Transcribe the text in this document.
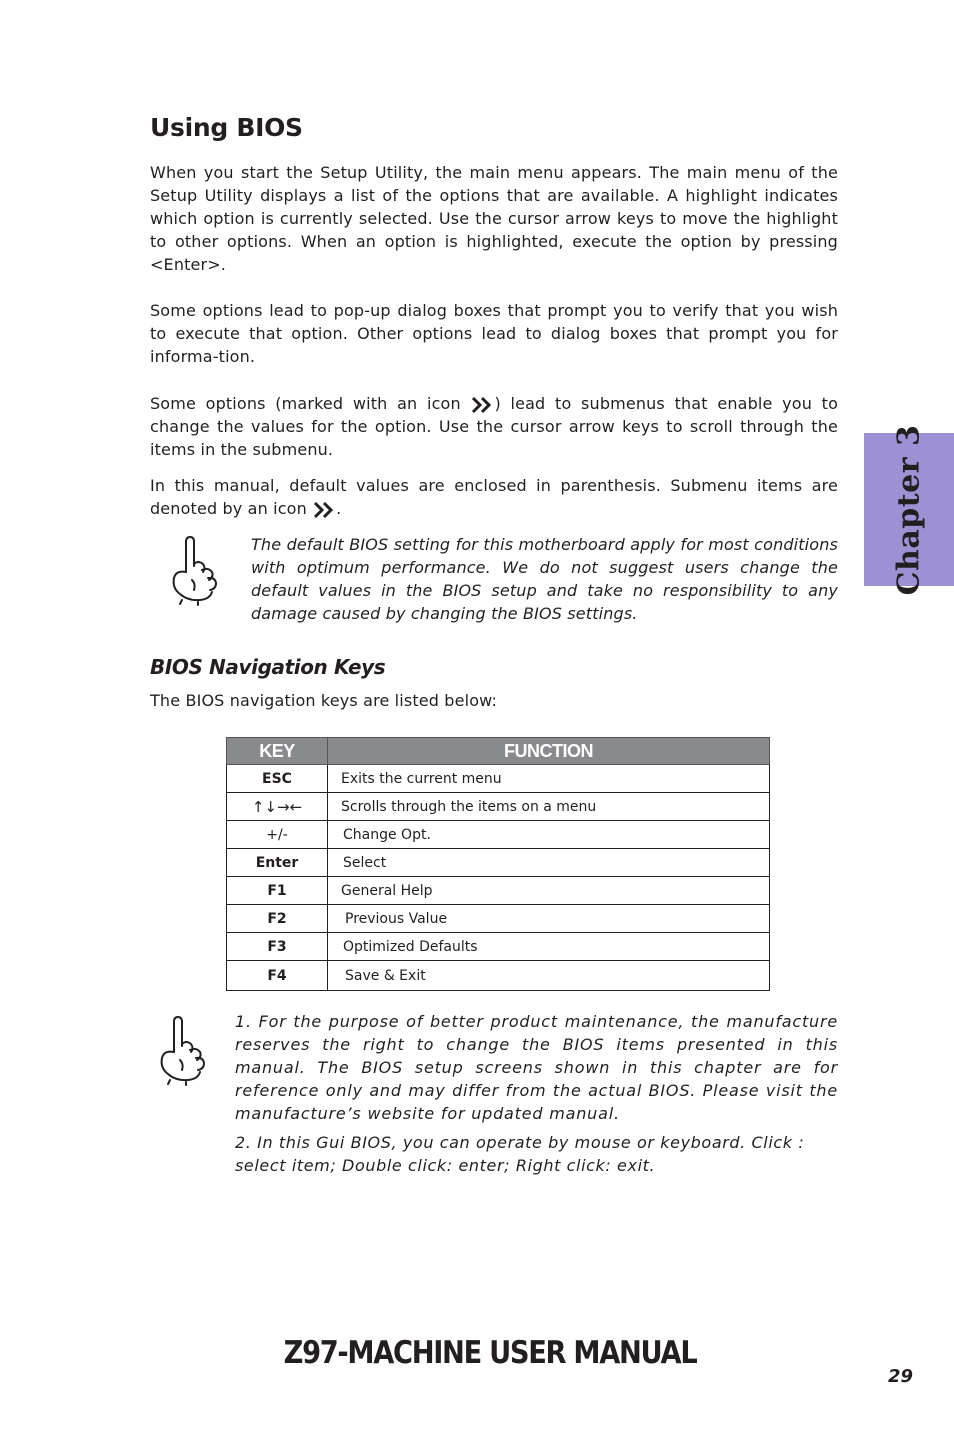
Using BIOS

When you start the Setup Utility, the main menu appears. The main menu of the Setup Utility displays a list of the options that are available. A highlight indicates which option is currently selected. Use the cursor arrow keys to move the highlight to other options. When an option is highlighted, execute the option by pressing <Enter>.

Some options lead to pop-up dialog boxes that prompt you to verify that you wish to execute that option. Other options lead to dialog boxes that prompt you for informa-tion.

Some options (marked with an icon ) lead to submenus that enable you to change the values for the option. Use the cursor arrow keys to scroll through the items in the submenu.

In this manual, default values are enclosed in parenthesis. Submenu items are denoted by an icon .

The default BIOS setting for this motherboard apply for most conditions with optimum performance. We do not suggest users change the default values in the BIOS setup and take no responsibility to any damage caused by changing the BIOS settings.

BIOS Navigation Keys

The BIOS navigation keys are listed below:

KEY	FUNCTION
ESC	Exits the current menu
↑↓→←	Scrolls through the items on a menu
+/-	Change Opt.
Enter	Select
F1	General Help
F2	Previous Value
F3	Optimized Defaults
F4	Save & Exit

1. For the purpose of better product maintenance, the manufacture reserves the right to change the BIOS items presented in this manual. The BIOS setup screens shown in this chapter are for reference only and may differ from the actual BIOS. Please visit the manufacture’s website for updated manual.

2. In this Gui BIOS, you can operate by mouse or keyboard. Click : select item; Double click: enter; Right click: exit.

Chapter 3
Z97-MACHINE USER MANUAL
29
